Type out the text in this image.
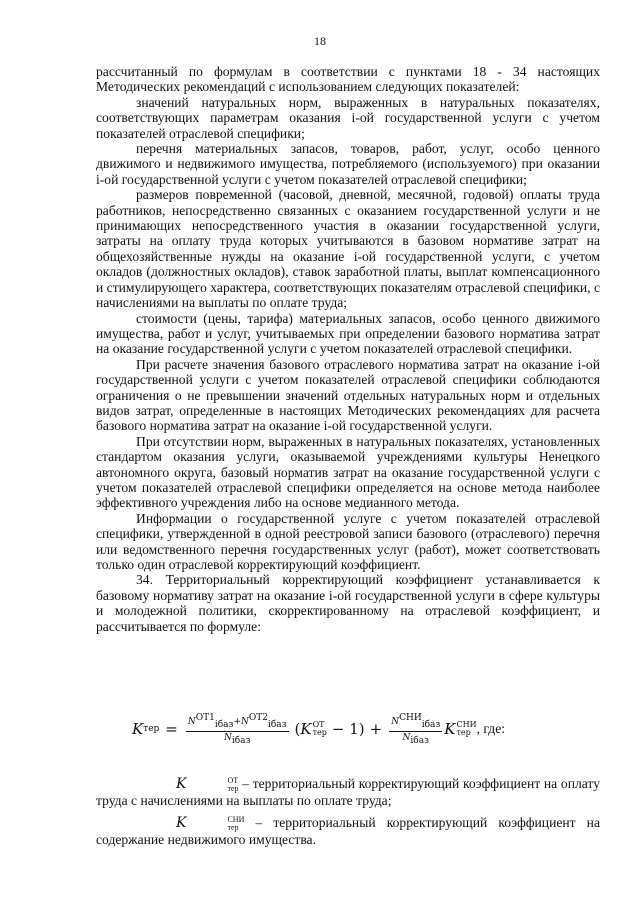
18

рассчитанный по формулам в соответствии с пунктами 18 - 34 настоящих Методических рекомендаций с использованием следующих показателей:

значений натуральных норм, выраженных в натуральных показателях, соответствующих параметрам оказания i-ой государственной услуги с учетом показателей отраслевой специфики;

перечня материальных запасов, товаров, работ, услуг, особо ценного движимого и недвижимого имущества, потребляемого (используемого) при оказании i-ой государственной услуги с учетом показателей отраслевой специфики;

размеров повременной (часовой, дневной, месячной, годовой) оплаты труда работников, непосредственно связанных с оказанием государственной услуги и не принимающих непосредственного участия в оказании государственной услуги, затраты на оплату труда которых учитываются в базовом нормативе затрат на общехозяйственные нужды на оказание i-ой государственной услуги, с учетом окладов (должностных окладов), ставок заработной платы, выплат компенсационного и стимулирующего характера, соответствующих показателям отраслевой специфики, с начислениями на выплаты по оплате труда;

стоимости (цены, тарифа) материальных запасов, особо ценного движимого имущества, работ и услуг, учитываемых при определении базового норматива затрат на оказание государственной услуги с учетом показателей отраслевой специфики.

При расчете значения базового отраслевого норматива затрат на оказание i-ой государственной услуги с учетом показателей отраслевой специфики соблюдаются ограничения о не превышении значений отдельных натуральных норм и отдельных видов затрат, определенные в настоящих Методических рекомендациях для расчета базового норматива затрат на оказание i-ой государственной услуги.

При отсутствии норм, выраженных в натуральных показателях, установленных стандартом оказания услуги, оказываемой учреждениями культуры Ненецкого автономного округа, базовый норматив затрат на оказание государственной услуги с учетом показателей отраслевой специфики определяется на основе метода наиболее эффективного учреждения либо на основе медианного метода.

Информации о государственной услуге с учетом показателей отраслевой специфики, утвержденной в одной реестровой записи базового (отраслевого) перечня или ведомственного перечня государственных услуг (работ), может соответствовать только один отраслевой корректирующий коэффициент.

34. Территориальный корректирующий коэффициент устанавливается к базовому нормативу затрат на оказание i-ой государственной услуги в сфере культуры и молодежной политики, скорректированному на отраслевой коэффициент, и рассчитывается по формуле:

K тер = $\frac{N^{ОТ1}_{iбаз}+N^{ОТ2}_{iбаз}}{N_{iбаз}}$ ( K ОТ
тер − 1 ) + $\frac{N^{СНИ}_{iбаз}}{N_{iбаз}}$ K СНИ
тер , где:

K	ОТ
тер – территориальный корректирующий коэффициент на оплату труда с начислениями на выплаты по оплате труда;

K	СНИ
тер – территориальный корректирующий коэффициент на содержание недвижимого имущества.
